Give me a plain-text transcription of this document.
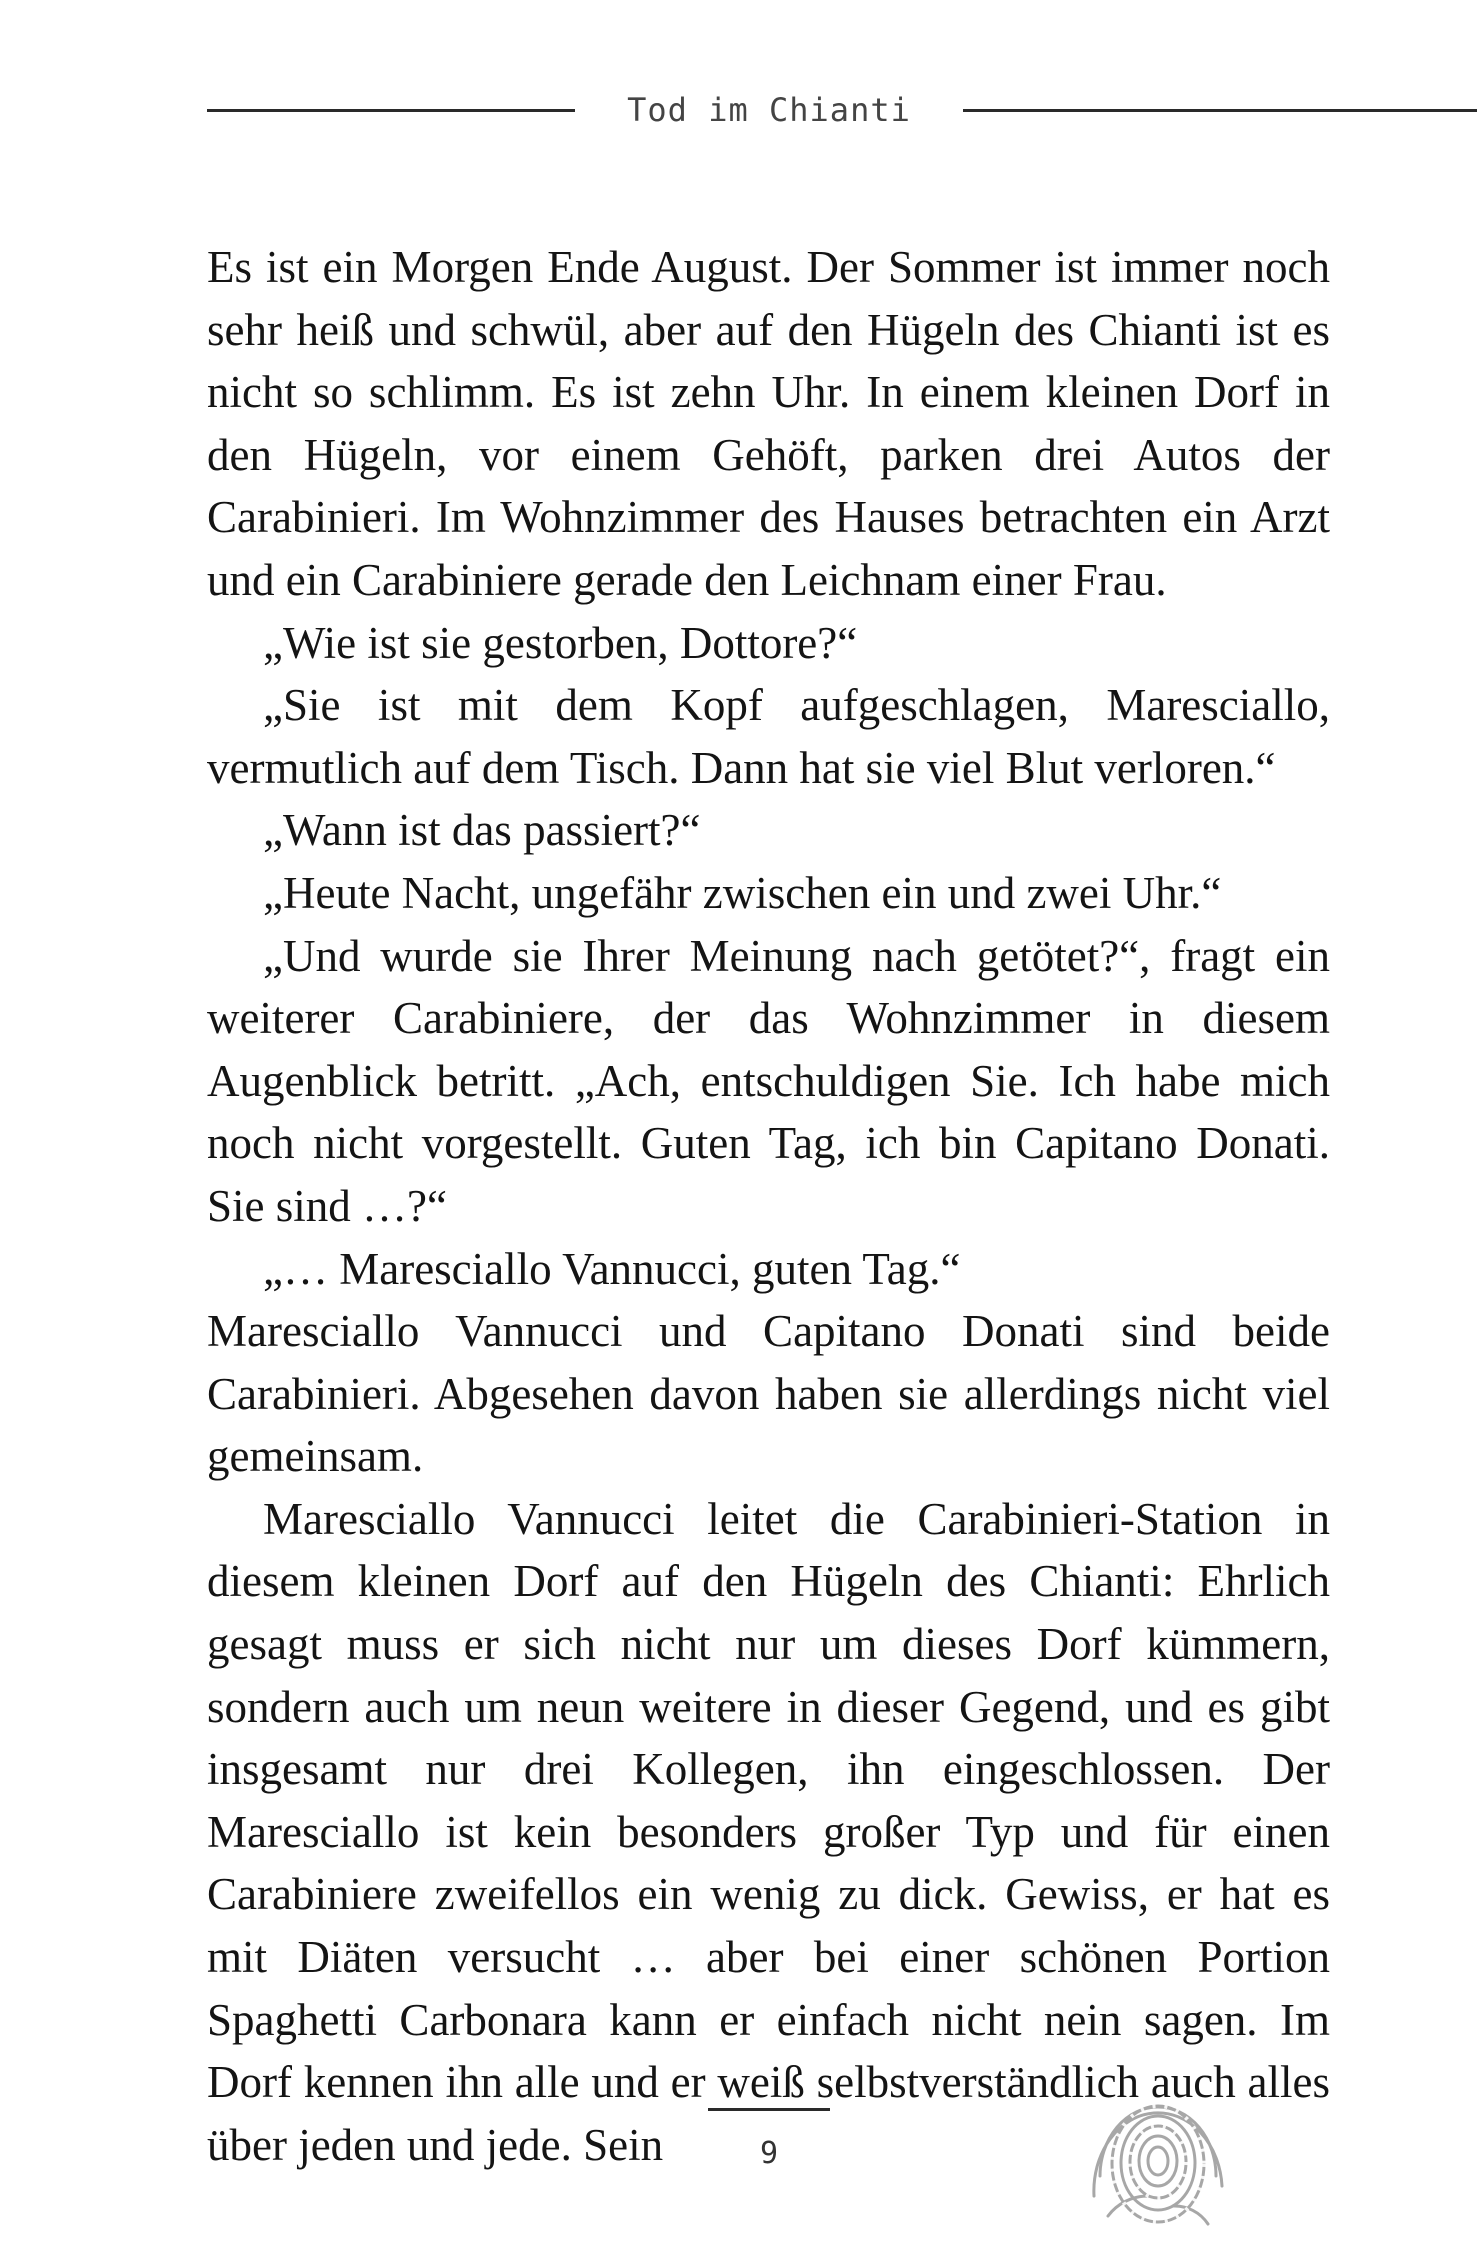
Tod im Chianti

Es ist ein Morgen Ende August. Der Sommer ist immer noch sehr heiß und schwül, aber auf den Hügeln des Chianti ist es nicht so schlimm. Es ist zehn Uhr. In einem kleinen Dorf in den Hügeln, vor einem Gehöft, parken drei Autos der Carabinieri. Im Wohnzimmer des Hauses betrachten ein Arzt und ein Carabiniere gerade den Leichnam einer Frau.

„Wie ist sie gestorben, Dottore?“

„Sie ist mit dem Kopf aufgeschlagen, Maresciallo, vermutlich auf dem Tisch. Dann hat sie viel Blut verloren.“

„Wann ist das passiert?“

„Heute Nacht, ungefähr zwischen ein und zwei Uhr.“

„Und wurde sie Ihrer Meinung nach getötet?“, fragt ein weiterer Carabiniere, der das Wohnzimmer in diesem Augenblick betritt. „Ach, entschuldigen Sie. Ich habe mich noch nicht vorgestellt. Guten Tag, ich bin Capitano Donati. Sie sind …?“

„… Maresciallo Vannucci, guten Tag.“

Maresciallo Vannucci und Capitano Donati sind beide Carabinieri. Abgesehen davon haben sie allerdings nicht viel gemeinsam.

Maresciallo Vannucci leitet die Carabinieri-Station in diesem kleinen Dorf auf den Hügeln des Chianti: Ehrlich gesagt muss er sich nicht nur um dieses Dorf kümmern, sondern auch um neun weitere in dieser Gegend, und es gibt insgesamt nur drei Kollegen, ihn eingeschlossen. Der Maresciallo ist kein besonders großer Typ und für einen Carabiniere zweifellos ein wenig zu dick. Gewiss, er hat es mit Diäten versucht … aber bei einer schönen Portion Spaghetti Carbonara kann er einfach nicht nein sagen. Im Dorf kennen ihn alle und er weiß selbstverständlich auch alles über jeden und jede. Sein	9
